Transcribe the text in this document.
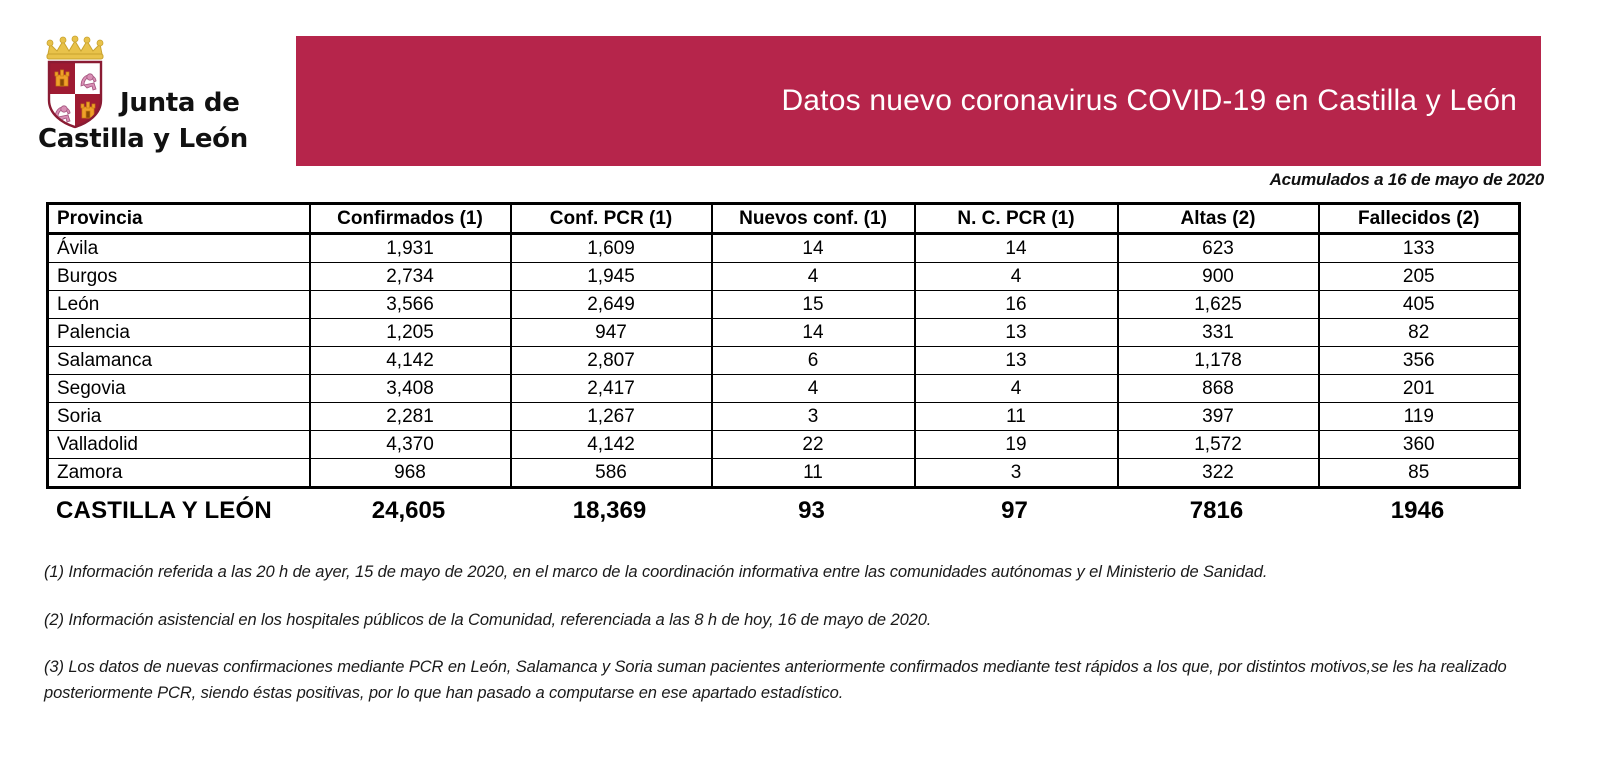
Junta de
Castilla y León
Datos nuevo coronavirus COVID-19 en Castilla y León
Acumulados a 16 de mayo de 2020
Provincia	Confirmados (1)	Conf. PCR (1)	Nuevos conf. (1)	N. C. PCR (1)	Altas (2)	Fallecidos (2)
Ávila	1,931	1,609	14	14	623	133
Burgos	2,734	1,945	4	4	900	205
León	3,566	2,649	15	16	1,625	405
Palencia	1,205	947	14	13	331	82
Salamanca	4,142	2,807	6	13	1,178	356
Segovia	3,408	2,417	4	4	868	201
Soria	2,281	1,267	3	11	397	119
Valladolid	4,370	4,142	22	19	1,572	360
Zamora	968	586	11	3	322	85
CASTILLA Y LEÓN	24,605	18,369	93	97	7816	1946
(1) Información referida a las 20 h de ayer, 15 de mayo de 2020, en el marco de la coordinación informativa entre las comunidades autónomas y el Ministerio de Sanidad.
(2) Información asistencial en los hospitales públicos de la Comunidad, referenciada a las 8 h de hoy, 16 de mayo de 2020.
(3) Los datos de nuevas confirmaciones mediante PCR en León, Salamanca y Soria suman pacientes anteriormente confirmados mediante test rápidos a los que, por distintos motivos,se les ha realizado posteriormente PCR, siendo éstas positivas, por lo que han pasado a computarse en ese apartado estadístico.
